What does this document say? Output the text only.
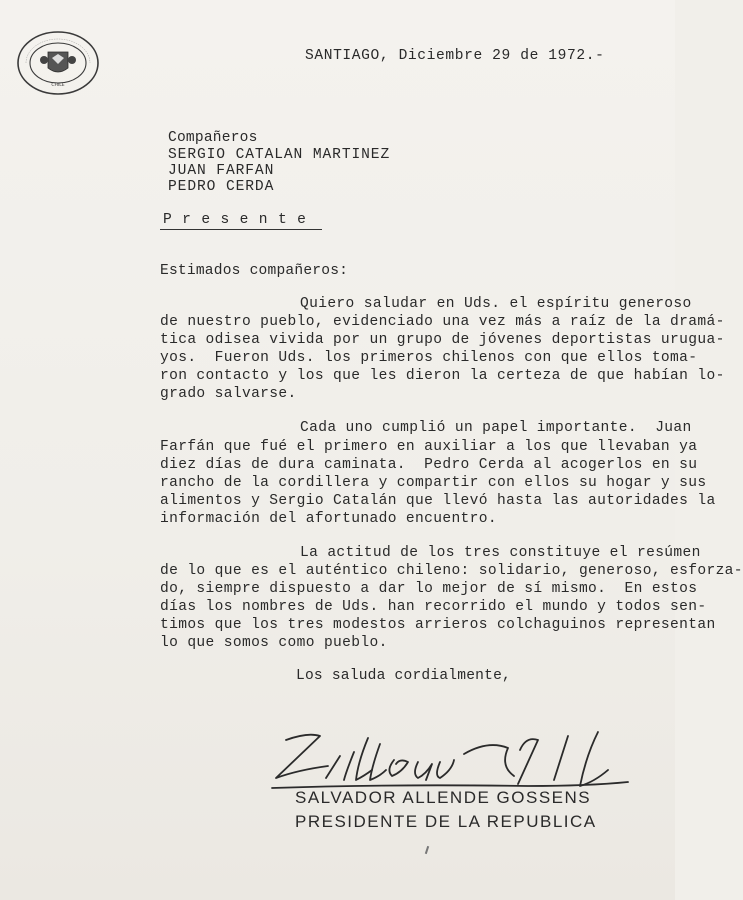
CHILE
SANTIAGO, Diciembre 29 de 1972.-
Compañeros
SERGIO CATALAN MARTINEZ
JUAN FARFAN
PEDRO CERDA
Presente
Estimados compañeros:
Quiero saludar en Uds. el espíritu generoso
de nuestro pueblo, evidenciado una vez más a raíz de la dramá-
tica odisea vivida por un grupo de jóvenes deportistas urugua-
yos.  Fueron Uds. los primeros chilenos con que ellos toma-
ron contacto y los que les dieron la certeza de que habían lo-
grado salvarse.
Cada uno cumplió un papel importante.  Juan
Farfán que fué el primero en auxiliar a los que llevaban ya
diez días de dura caminata.  Pedro Cerda al acogerlos en su
rancho de la cordillera y compartir con ellos su hogar y sus
alimentos y Sergio Catalán que llevó hasta las autoridades la
información del afortunado encuentro.
La actitud de los tres constituye el resúmen
de lo que es el auténtico chileno: solidario, generoso, esforza-
do, siempre dispuesto a dar lo mejor de sí mismo.  En estos
días los nombres de Uds. han recorrido el mundo y todos sen-
timos que los tres modestos arrieros colchaguinos representan
lo que somos como pueblo.
Los saluda cordialmente,
SALVADOR ALLENDE GOSSENS
PRESIDENTE DE LA REPUBLICA
